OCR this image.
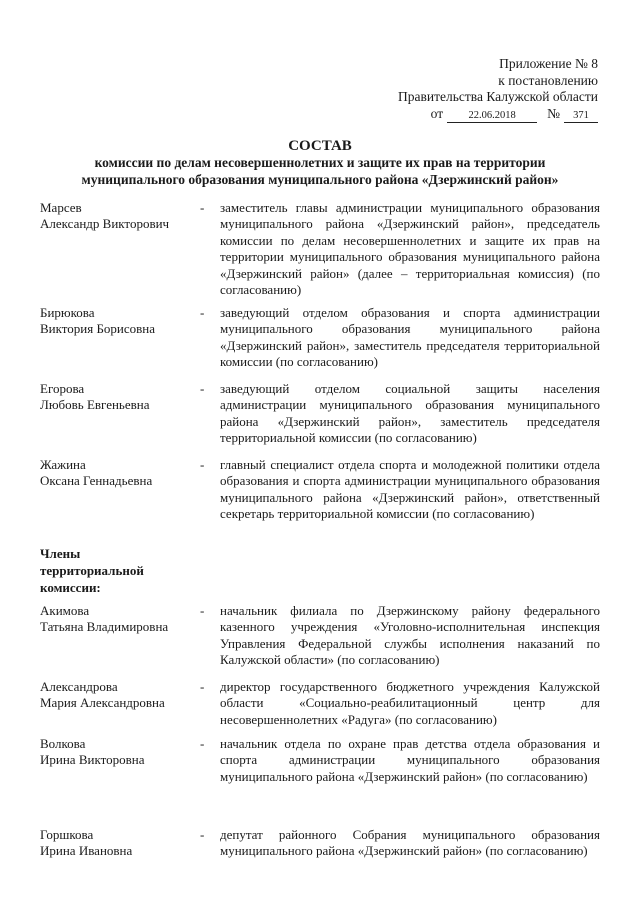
Приложение № 8
к постановлению
Правительства Калужской области
от 22.06.2018 № 371
СОСТАВ
комиссии по делам несовершеннолетних и защите их прав на территории муниципального образования муниципального района «Дзержинский район»
Марсев
Александр Викторович
-	заместитель главы администрации муниципального образования муниципального района «Дзержинский район», председатель комиссии по делам несовершеннолетних и защите их прав на территории муниципального образования муниципального района «Дзержинский район» (далее – территориальная комиссия) (по согласованию)
Бирюкова
Виктория Борисовна
-	заведующий отделом образования и спорта администрации муниципального образования муниципального района «Дзержинский район», заместитель председателя территориальной комиссии (по согласованию)
Егорова
Любовь Евгеньевна
-	заведующий отделом социальной защиты населения администрации муниципального образования муниципального района «Дзержинский район», заместитель председателя территориальной комиссии (по согласованию)
Жажина
Оксана Геннадьевна
-	главный специалист отдела спорта и молодежной политики отдела образования и спорта администрации муниципального образования муниципального района «Дзержинский район», ответственный секретарь территориальной комиссии (по согласованию)
Члены территориальной комиссии:
Акимова
Татьяна Владимировна
-	начальник филиала по Дзержинскому району федерального казенного учреждения «Уголовно-исполнительная инспекция Управления Федеральной службы исполнения наказаний по Калужской области» (по согласованию)
Александрова
Мария Александровна
-	директор государственного бюджетного учреждения Калужской области «Социально-реабилитационный центр для несовершеннолетних «Радуга» (по согласованию)
Волкова
Ирина Викторовна
-	начальник отдела по охране прав детства отдела образования и спорта администрации муниципального образования муниципального района «Дзержинский район» (по согласованию)
Горшкова
Ирина Ивановна
-	депутат районного Собрания муниципального образования муниципального района «Дзержинский район» (по согласованию)
